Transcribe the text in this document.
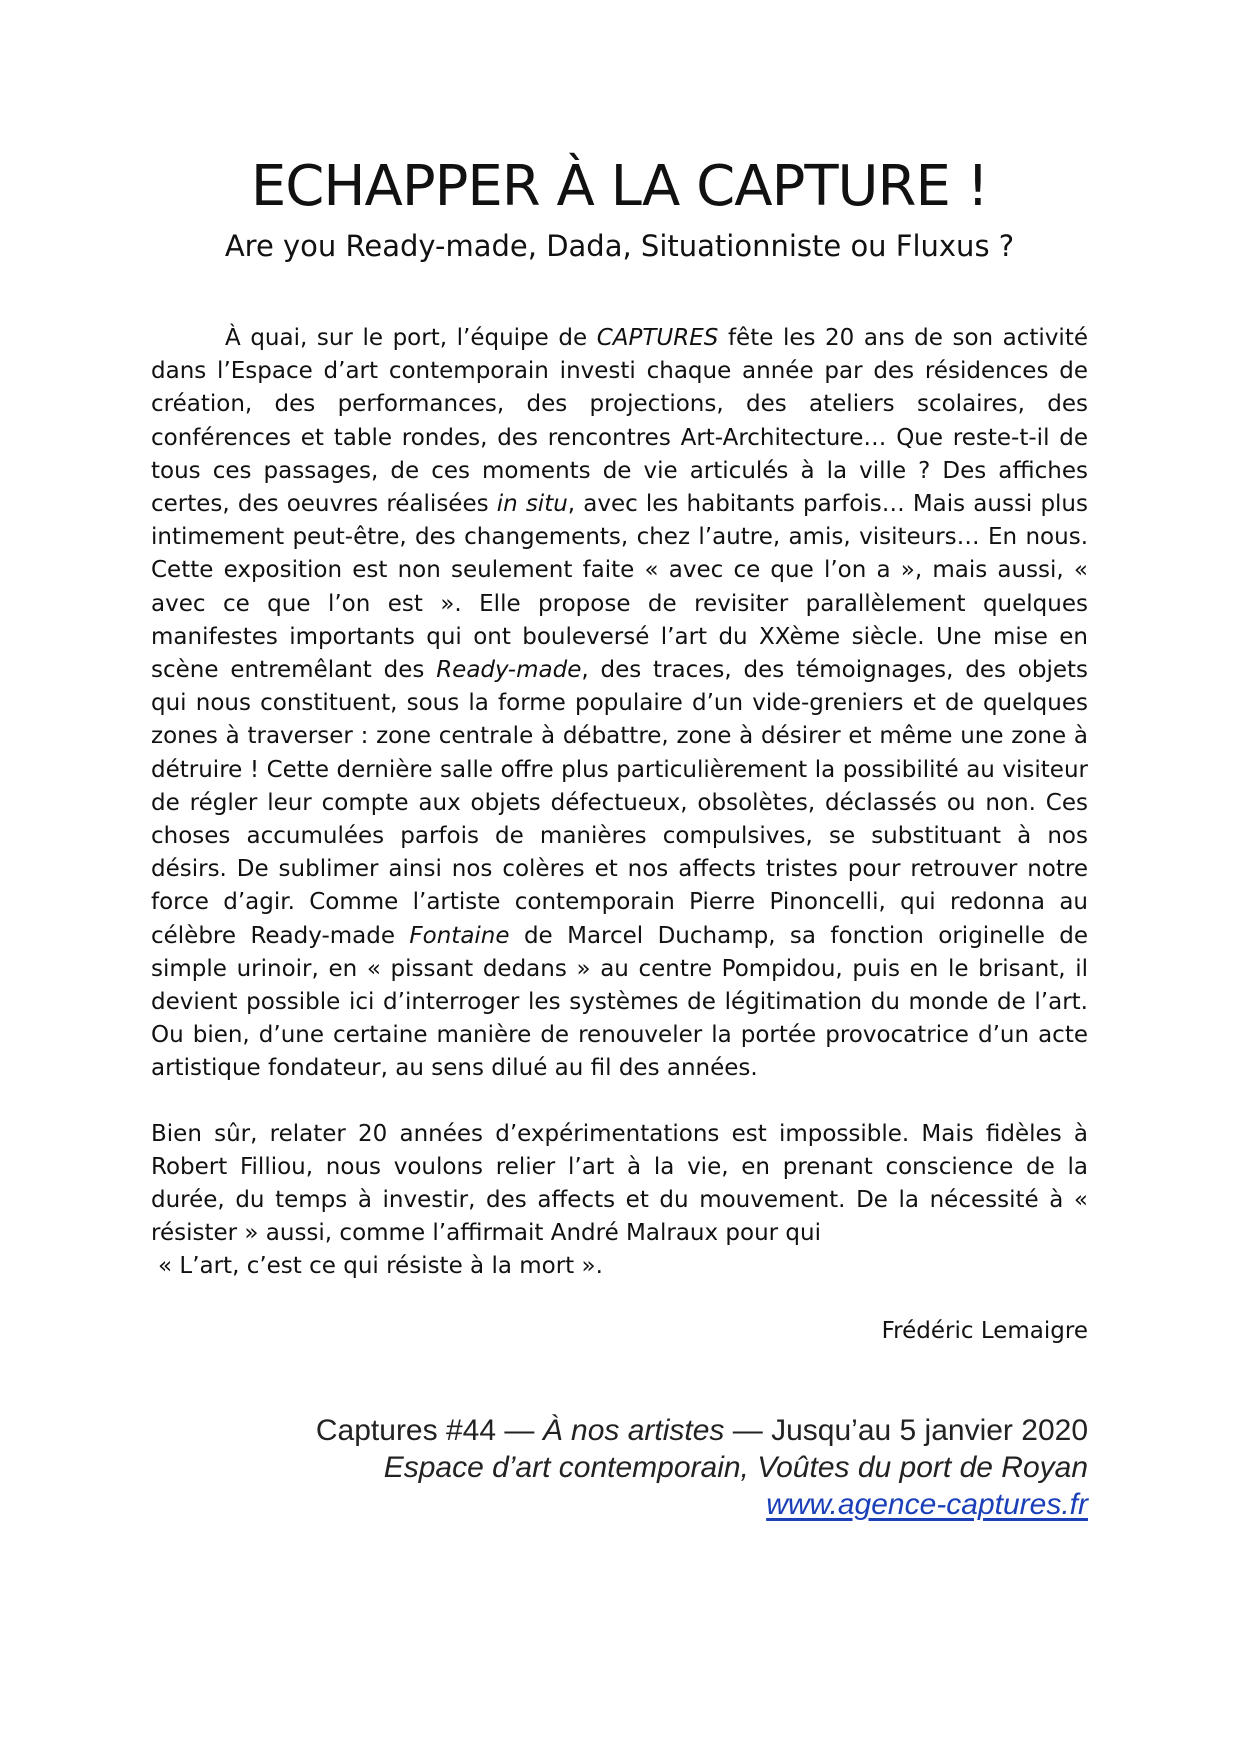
ECHAPPER À LA CAPTURE !
Are you Ready-made, Dada, Situationniste ou Fluxus ?

À quai, sur le port, l’équipe de CAPTURES fête les 20 ans de son activité dans l’Espace d’art contemporain investi chaque année par des résidences de création, des performances, des projections, des ateliers scolaires, des conférences et table rondes, des rencontres Art-Architecture… Que reste-t-il de tous ces passages, de ces moments de vie articulés à la ville ? Des affiches certes, des oeuvres réalisées in situ, avec les habitants parfois… Mais aussi plus intimement peut-être, des changements, chez l’autre, amis, visiteurs… En nous. Cette exposition est non seulement faite « avec ce que l’on a », mais aussi, « avec ce que l’on est ». Elle propose de revisiter parallèlement quelques manifestes importants qui ont bouleversé l’art du XXème siècle. Une mise en scène entremêlant des Ready-made, des traces, des témoignages, des objets qui nous constituent, sous la forme populaire d’un vide-greniers et de quelques zones à traverser : zone centrale à débattre, zone à désirer et même une zone à détruire ! Cette dernière salle offre plus particulièrement la possibilité au visiteur de régler leur compte aux objets défectueux, obsolètes, déclassés ou non. Ces choses accumulées parfois de manières compulsives, se substituant à nos désirs. De sublimer ainsi nos colères et nos affects tristes pour retrouver notre force d’agir. Comme l’artiste contemporain Pierre Pinoncelli, qui redonna au célèbre Ready-made Fontaine de Marcel Duchamp, sa fonction originelle de simple urinoir, en « pissant dedans » au centre Pompidou, puis en le brisant, il devient possible ici d’interroger les systèmes de légitimation du monde de l’art. Ou bien, d’une certaine manière de renouveler la portée provocatrice d’un acte artistique fondateur, au sens dilué au fil des années.

Bien sûr, relater 20 années d’expérimentations est impossible. Mais fidèles à Robert Filliou, nous voulons relier l’art à la vie, en prenant conscience de la durée, du temps à investir, des affects et du mouvement. De la nécessité à « résister » aussi, comme l’affirmait André Malraux pour qui

« L’art, c’est ce qui résiste à la mort ».

Frédéric Lemaigre
Captures #44 — À nos artistes — Jusqu’au 5 janvier 2020
Espace d’art contemporain, Voûtes du port de Royan
www.agence-captures.fr
